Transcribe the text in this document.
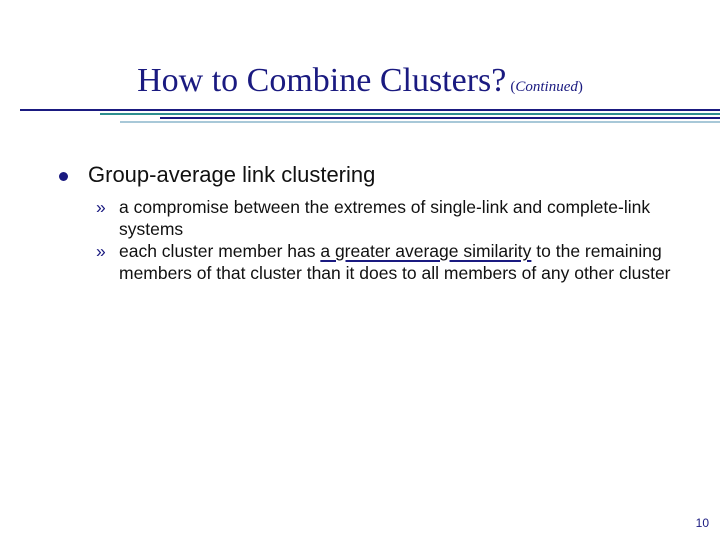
How to Combine Clusters? (Continued)
Group-average link clustering
» a compromise between the extremes of single-link and complete-link systems
» each cluster member has a greater average similarity to the remaining members of that cluster than it does to all members of any other cluster
10
